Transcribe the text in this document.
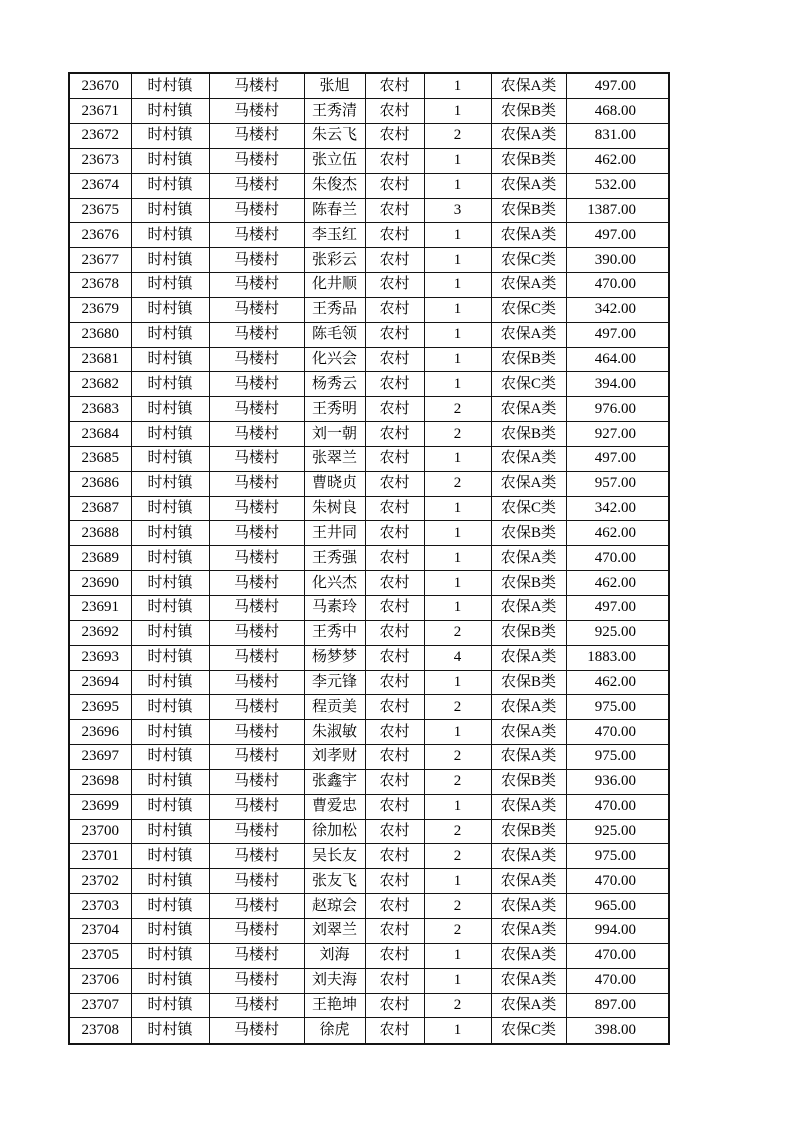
23670	时村镇	马楼村	张旭	农村	1	农保A类	497.00
23671	时村镇	马楼村	王秀清	农村	1	农保B类	468.00
23672	时村镇	马楼村	朱云飞	农村	2	农保A类	831.00
23673	时村镇	马楼村	张立伍	农村	1	农保B类	462.00
23674	时村镇	马楼村	朱俊杰	农村	1	农保A类	532.00
23675	时村镇	马楼村	陈春兰	农村	3	农保B类	1387.00
23676	时村镇	马楼村	李玉红	农村	1	农保A类	497.00
23677	时村镇	马楼村	张彩云	农村	1	农保C类	390.00
23678	时村镇	马楼村	化井顺	农村	1	农保A类	470.00
23679	时村镇	马楼村	王秀品	农村	1	农保C类	342.00
23680	时村镇	马楼村	陈毛领	农村	1	农保A类	497.00
23681	时村镇	马楼村	化兴会	农村	1	农保B类	464.00
23682	时村镇	马楼村	杨秀云	农村	1	农保C类	394.00
23683	时村镇	马楼村	王秀明	农村	2	农保A类	976.00
23684	时村镇	马楼村	刘一朝	农村	2	农保B类	927.00
23685	时村镇	马楼村	张翠兰	农村	1	农保A类	497.00
23686	时村镇	马楼村	曹晓贞	农村	2	农保A类	957.00
23687	时村镇	马楼村	朱树良	农村	1	农保C类	342.00
23688	时村镇	马楼村	王井同	农村	1	农保B类	462.00
23689	时村镇	马楼村	王秀强	农村	1	农保A类	470.00
23690	时村镇	马楼村	化兴杰	农村	1	农保B类	462.00
23691	时村镇	马楼村	马素玲	农村	1	农保A类	497.00
23692	时村镇	马楼村	王秀中	农村	2	农保B类	925.00
23693	时村镇	马楼村	杨梦梦	农村	4	农保A类	1883.00
23694	时村镇	马楼村	李元锋	农村	1	农保B类	462.00
23695	时村镇	马楼村	程贡美	农村	2	农保A类	975.00
23696	时村镇	马楼村	朱淑敏	农村	1	农保A类	470.00
23697	时村镇	马楼村	刘孝财	农村	2	农保A类	975.00
23698	时村镇	马楼村	张鑫宇	农村	2	农保B类	936.00
23699	时村镇	马楼村	曹爱忠	农村	1	农保A类	470.00
23700	时村镇	马楼村	徐加松	农村	2	农保B类	925.00
23701	时村镇	马楼村	吴长友	农村	2	农保A类	975.00
23702	时村镇	马楼村	张友飞	农村	1	农保A类	470.00
23703	时村镇	马楼村	赵琼会	农村	2	农保A类	965.00
23704	时村镇	马楼村	刘翠兰	农村	2	农保A类	994.00
23705	时村镇	马楼村	刘海	农村	1	农保A类	470.00
23706	时村镇	马楼村	刘夫海	农村	1	农保A类	470.00
23707	时村镇	马楼村	王艳坤	农村	2	农保A类	897.00
23708	时村镇	马楼村	徐虎	农村	1	农保C类	398.00
